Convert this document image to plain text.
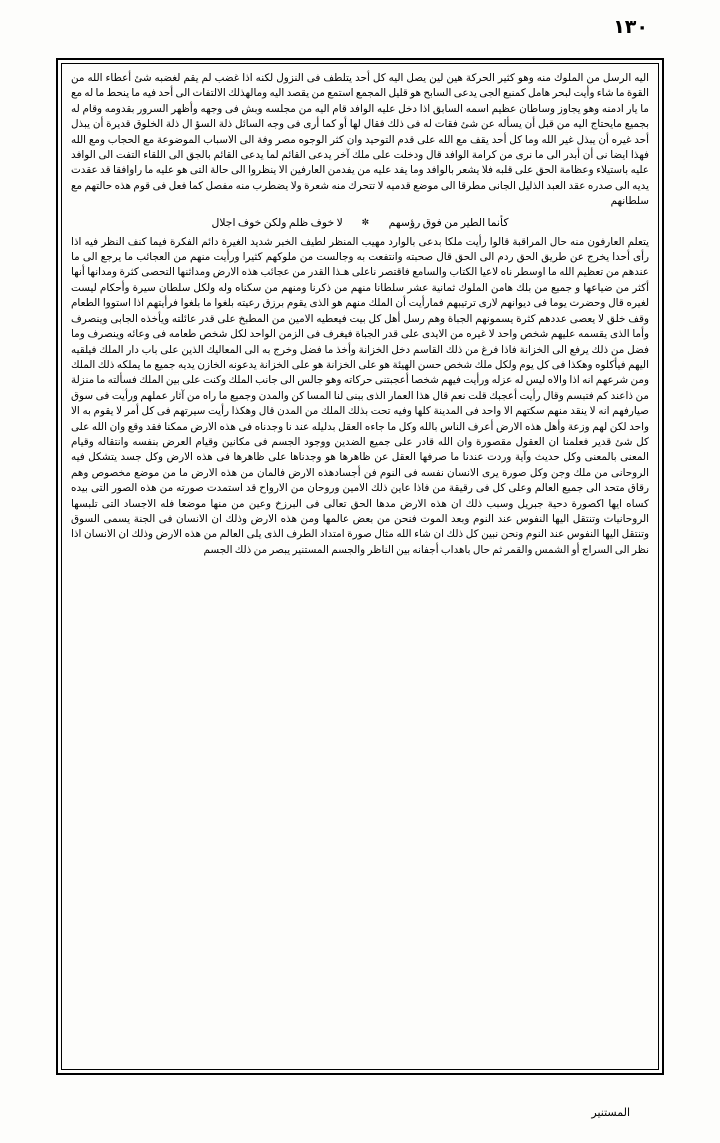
١٣٠

اليه الرسل من الملوك منه وهو كثير الحركة هين لين يصل اليه كل أحد يتلطف فى النزول لكنه اذا غضب لم يقم لغضبه شئ أعطاء الله من القوة ما شاء وأيت لبحر هامل كمنبع الجى يدعى السابح هو قليل المجمع استمع من يقصد اليه ومالهذلك الالتفات الى أحد فيه ما ينحط ما له مع ما يار ادمنه وهو يجاوز وساطان عظيم اسمه السابق اذا دخل عليه الوافد قام اليه من مجلسه وبش فى وجهه وأظهر السرور بقدومه وقام له بجميع مايحتاج اليه من قبل أن يسأله عن شئ فقات له فى ذلك فقال لها أو كما أرى فى وجه السائل ذلة السؤ ال ذلة الخلوق قديرة أن يبذل أحد غيره أن يبذل غير الله وما كل أحد يقف مع الله على قدم التوحيد وان كثر الوجوه مصر وفة الى الاسباب الموضوعة مع الحجاب ومع الله فهذا ايضا نى أن أبدر الى ما نرى من كرامة الوافد قال ودخلت على ملك آخر يدعى القائم لما يدعى القائم بالجق الى اللقاء التفت الى الوافد عليه باستيلاء وعظامة الحق على قلبه فلا يشعر بالوافد وما يفد عليه من يفدمن العارفين الا ينظروا الى حالة التى هو عليه ما راوافقا قد عقدت يديه الى صدره عقد العبد الذليل الجانى مطرقا الى موضع قدميه لا تتحرك منه شعرة ولا يضطرب منه مفصل كما فعل فى قوم هذه حالتهم مع سلطانهم

كأنما الطير من فوق رؤسهم ✼ لا خوف ظلم ولكن خوف اجلال

يتعلم العارفون منه حال المراقبة قالوا رأيت ملكا بدعى بالوارد مهيب المنظر لطيف الخبر شديد الغيرة دائم الفكرة فيما كنف النظر فيه اذا رأى أحدا يخرج عن طريق الحق ردم الى الحق قال صحبته وانتفعت به وجالست من ملوكهم كثيرا ورأيت منهم من العجائب ما يرجع الى ما عندهم من تعظيم الله ما اوسطر ناه لاعيا الكتاب والسامع فاقتصر ناعلى هـذا القدر من عجائب هذه الارض ومداثنها التحصى كثرة ومدانها أنها أكثر من ضياعها و جميع من بلك هامن الملوك ثمانية عشر سلطانا منهم من ذكرنا ومنهم من سكناه وله ولكل سلطان سيرة وأحكام ليست لغيره قال وحضرت يوما فى ديوانهم لارى ترتيبهم فمارأيت أن الملك منهم هو الذى يقوم برزق رعيته بلغوا ما بلغوا فرأيتهم اذا استووا الطعام وقف خلق لا يعصى عددهم كثرة يسمونهم الجباة وهم رسل أهل كل بيت فيعطيه الامين من المطبخ على قدر عائلته ويأخذه الجابى وينصرف وأما الذى يقسمه عليهم شخص واحد لا غيره من الايدى على قدر الجباة فيغرف فى الزمن الواحد لكل شخص طعامه فى وعائه وينصرف وما فضل من ذلك يرفع الى الخزانة فاذا فرغ من ذلك القاسم دخل الخزانة وأخذ ما فضل وخرج به الى المعاليك الذين على باب دار الملك فيلقيه اليهم فيأكلوه وهكذا فى كل يوم ولكل ملك شخص حسن الهيئة هو على الخزانة هو على الخزانة يدعونه الخازن يديه جميع ما يملكه ذلك الملك ومن شرعهم انه اذا والاه ليس له عزله ورأيت فيهم شخصا أعجبتنى حركاته وهو جالس الى جانب الملك وكنت على بين الملك فسألته ما منزلة من ذاعند كم فتبسم وقال رأيت أعجبك قلت نعم قال هذا العمار الذى ببنى لنا المسا كن والمدن وجميع ما راه من آثار عملهم ورأيت فى سوق صيارفهم انه لا ينقد منهم سكتهم الا واحد فى المدينة كلها وفيه تحت بذلك الملك من المدن قال وهكذا رأيت سيرتهم فى كل أمر لا يقوم به الا واحد لكن لهم وزعة وأهل هذه الارض أعرف الناس بالله وكل ما جاءه العقل بدليله عند نا وجدناه فى هذه الارض ممكنا فقد وقع وان الله على كل شئ قدير فعلمنا ان العقول مقصورة وان الله قادر على جميع الضدين ووجود الجسم فى مكانين وقيام العرض بنفسه وانتقاله وقيام المعنى بالمعنى وكل حديث وآية وردت عندنا ما صرفها العقل عن ظاهرها هو وجدناها على ظاهرها فى هذه الارض وكل جسد يتشكل فيه الروحانى من ملك وجن وكل صورة يرى الانسان نفسه فى النوم فن أجسادهذه الارض فالمان من هذه الارض ما من موضع مخصوص وهم رقاق متحد الى جميع العالم وعلى كل فى رقيقة من فاذا عاين ذلك الامين وروحان من الارواح قد استمدت صورته من هذه الصور التى بيده كساه ايها اكصورة دحية جبريل وسبب ذلك ان هذه الارض مدها الحق تعالى فى البرزخ وعين من منها موضعا فله الاجساد التى تلبسها الروحانيات وتنتقل اليها النفوس عند النوم وبعد الموت فنحن من بعض عالمها ومن هذه الارض وذلك ان الانسان فى الجنة يسمى السوق وتنتقل اليها النفوس عند النوم ونحن نبين كل ذلك ان شاء الله مثال صورة امتداد الطرف الذى يلى العالم من هذه الارض وذلك ان الانسان اذا نظر الى السراج أو الشمس والقمر ثم حال باهداب أجفانه بين الناظر والجسم المستنير يبصر من ذلك الجسم

المستنير
